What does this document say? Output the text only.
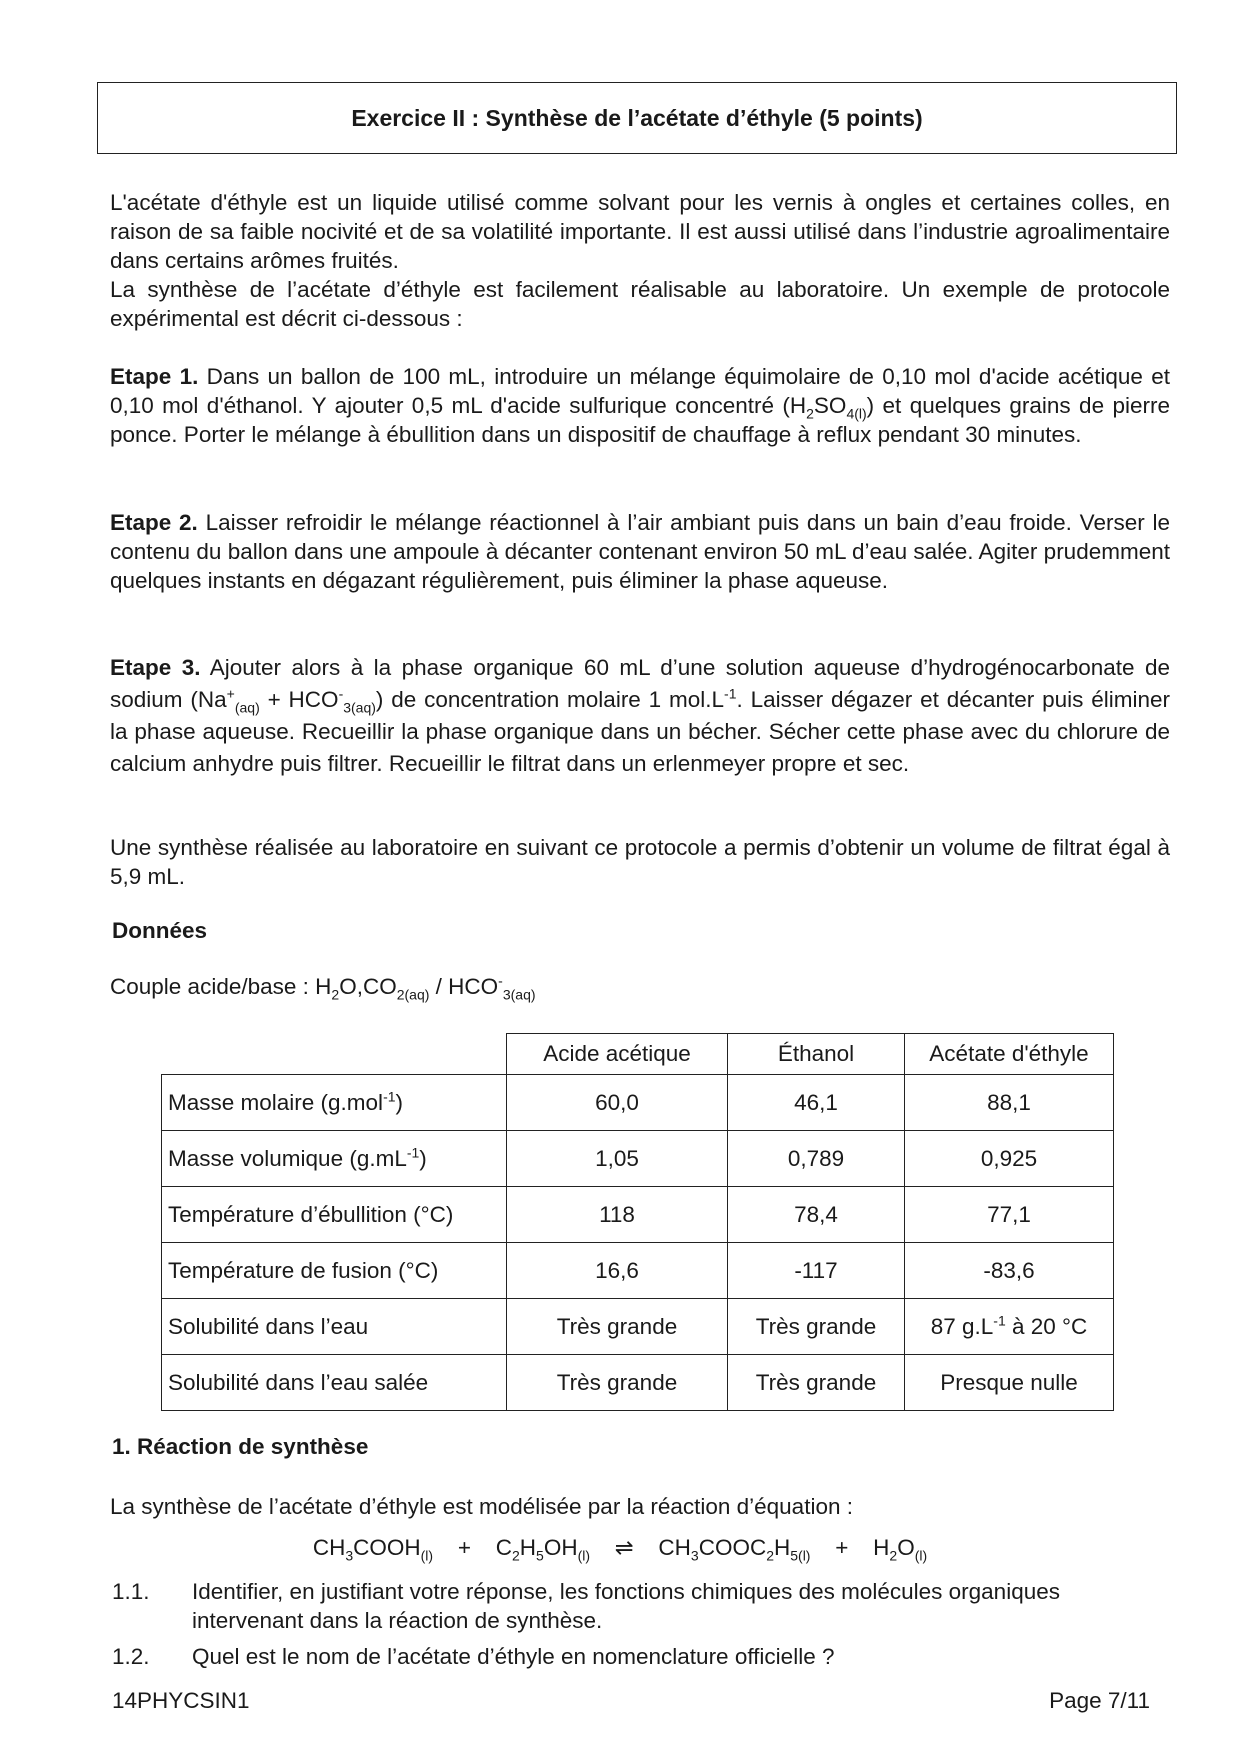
Exercice II : Synthèse de l’acétate d’éthyle (5 points)

L'acétate d'éthyle est un liquide utilisé comme solvant pour les vernis à ongles et certaines colles, en raison de sa faible nocivité et de sa volatilité importante. Il est aussi utilisé dans l’industrie agroalimentaire dans certains arômes fruités.

La synthèse de l’acétate d’éthyle est facilement réalisable au laboratoire. Un exemple de protocole expérimental est décrit ci-dessous :

Etape 1. Dans un ballon de 100 mL, introduire un mélange équimolaire de 0,10 mol d'acide acétique et 0,10 mol d'éthanol. Y ajouter 0,5 mL d'acide sulfurique concentré $(H_2SO_{4(l)})$ et quelques grains de pierre ponce. Porter le mélange à ébullition dans un dispositif de chauffage à reflux pendant 30 minutes.

Etape 2. Laisser refroidir le mélange réactionnel à l’air ambiant puis dans un bain d’eau froide. Verser le contenu du ballon dans une ampoule à décanter contenant environ 50 mL d’eau salée. Agiter prudemment quelques instants en dégazant régulièrement, puis éliminer la phase aqueuse.

Etape 3. Ajouter alors à la phase organique 60 mL d’une solution aqueuse d’hydrogénocarbonate de sodium $(Na^+_{(aq)} + HCO^-_{3(aq)})$ de concentration molaire 1 $mol.L^{-1}$. Laisser dégazer et décanter puis éliminer la phase aqueuse. Recueillir la phase organique dans un bécher. Sécher cette phase avec du chlorure de calcium anhydre puis filtrer. Recueillir le filtrat dans un erlenmeyer propre et sec.

Une synthèse réalisée au laboratoire en suivant ce protocole a permis d’obtenir un volume de filtrat égal à 5,9 mL.

Données

Couple acide/base : $H_2O,CO_{2(aq)} / HCO^-_{3(aq)}$

	Acide acétique	Éthanol	Acétate d'éthyle
Masse molaire (g.mol$^{-1}$)	60,0	46,1	88,1
Masse volumique $(g.mL^{-1})$	1,05	0,789	0,925
Température d’ébullition (°C)	118	78,4	77,1
Température de fusion (°C)	16,6	-117	-83,6
Solubilité dans l’eau	Très grande	Très grande	87 $g.L^{-1}$ à 20 °C
Solubilité dans l’eau salée	Très grande	Très grande	Presque nulle

1. Réaction de synthèse

La synthèse de l’acétate d’éthyle est modélisée par la réaction d’équation :

$CH_3COOH_{(l)} + C_2H_5OH_{(l)}$ ⇌ $CH_3COOC_2H_{5(l)} + H_2O_{(l)}$
1.1. Identifier, en justifiant votre réponse, les fonctions chimiques des molécules organiques intervenant dans la réaction de synthèse.
1.2. Quel est le nom de l’acétate d’éthyle en nomenclature officielle ?
14PHYCSIN1	Page 7/11
